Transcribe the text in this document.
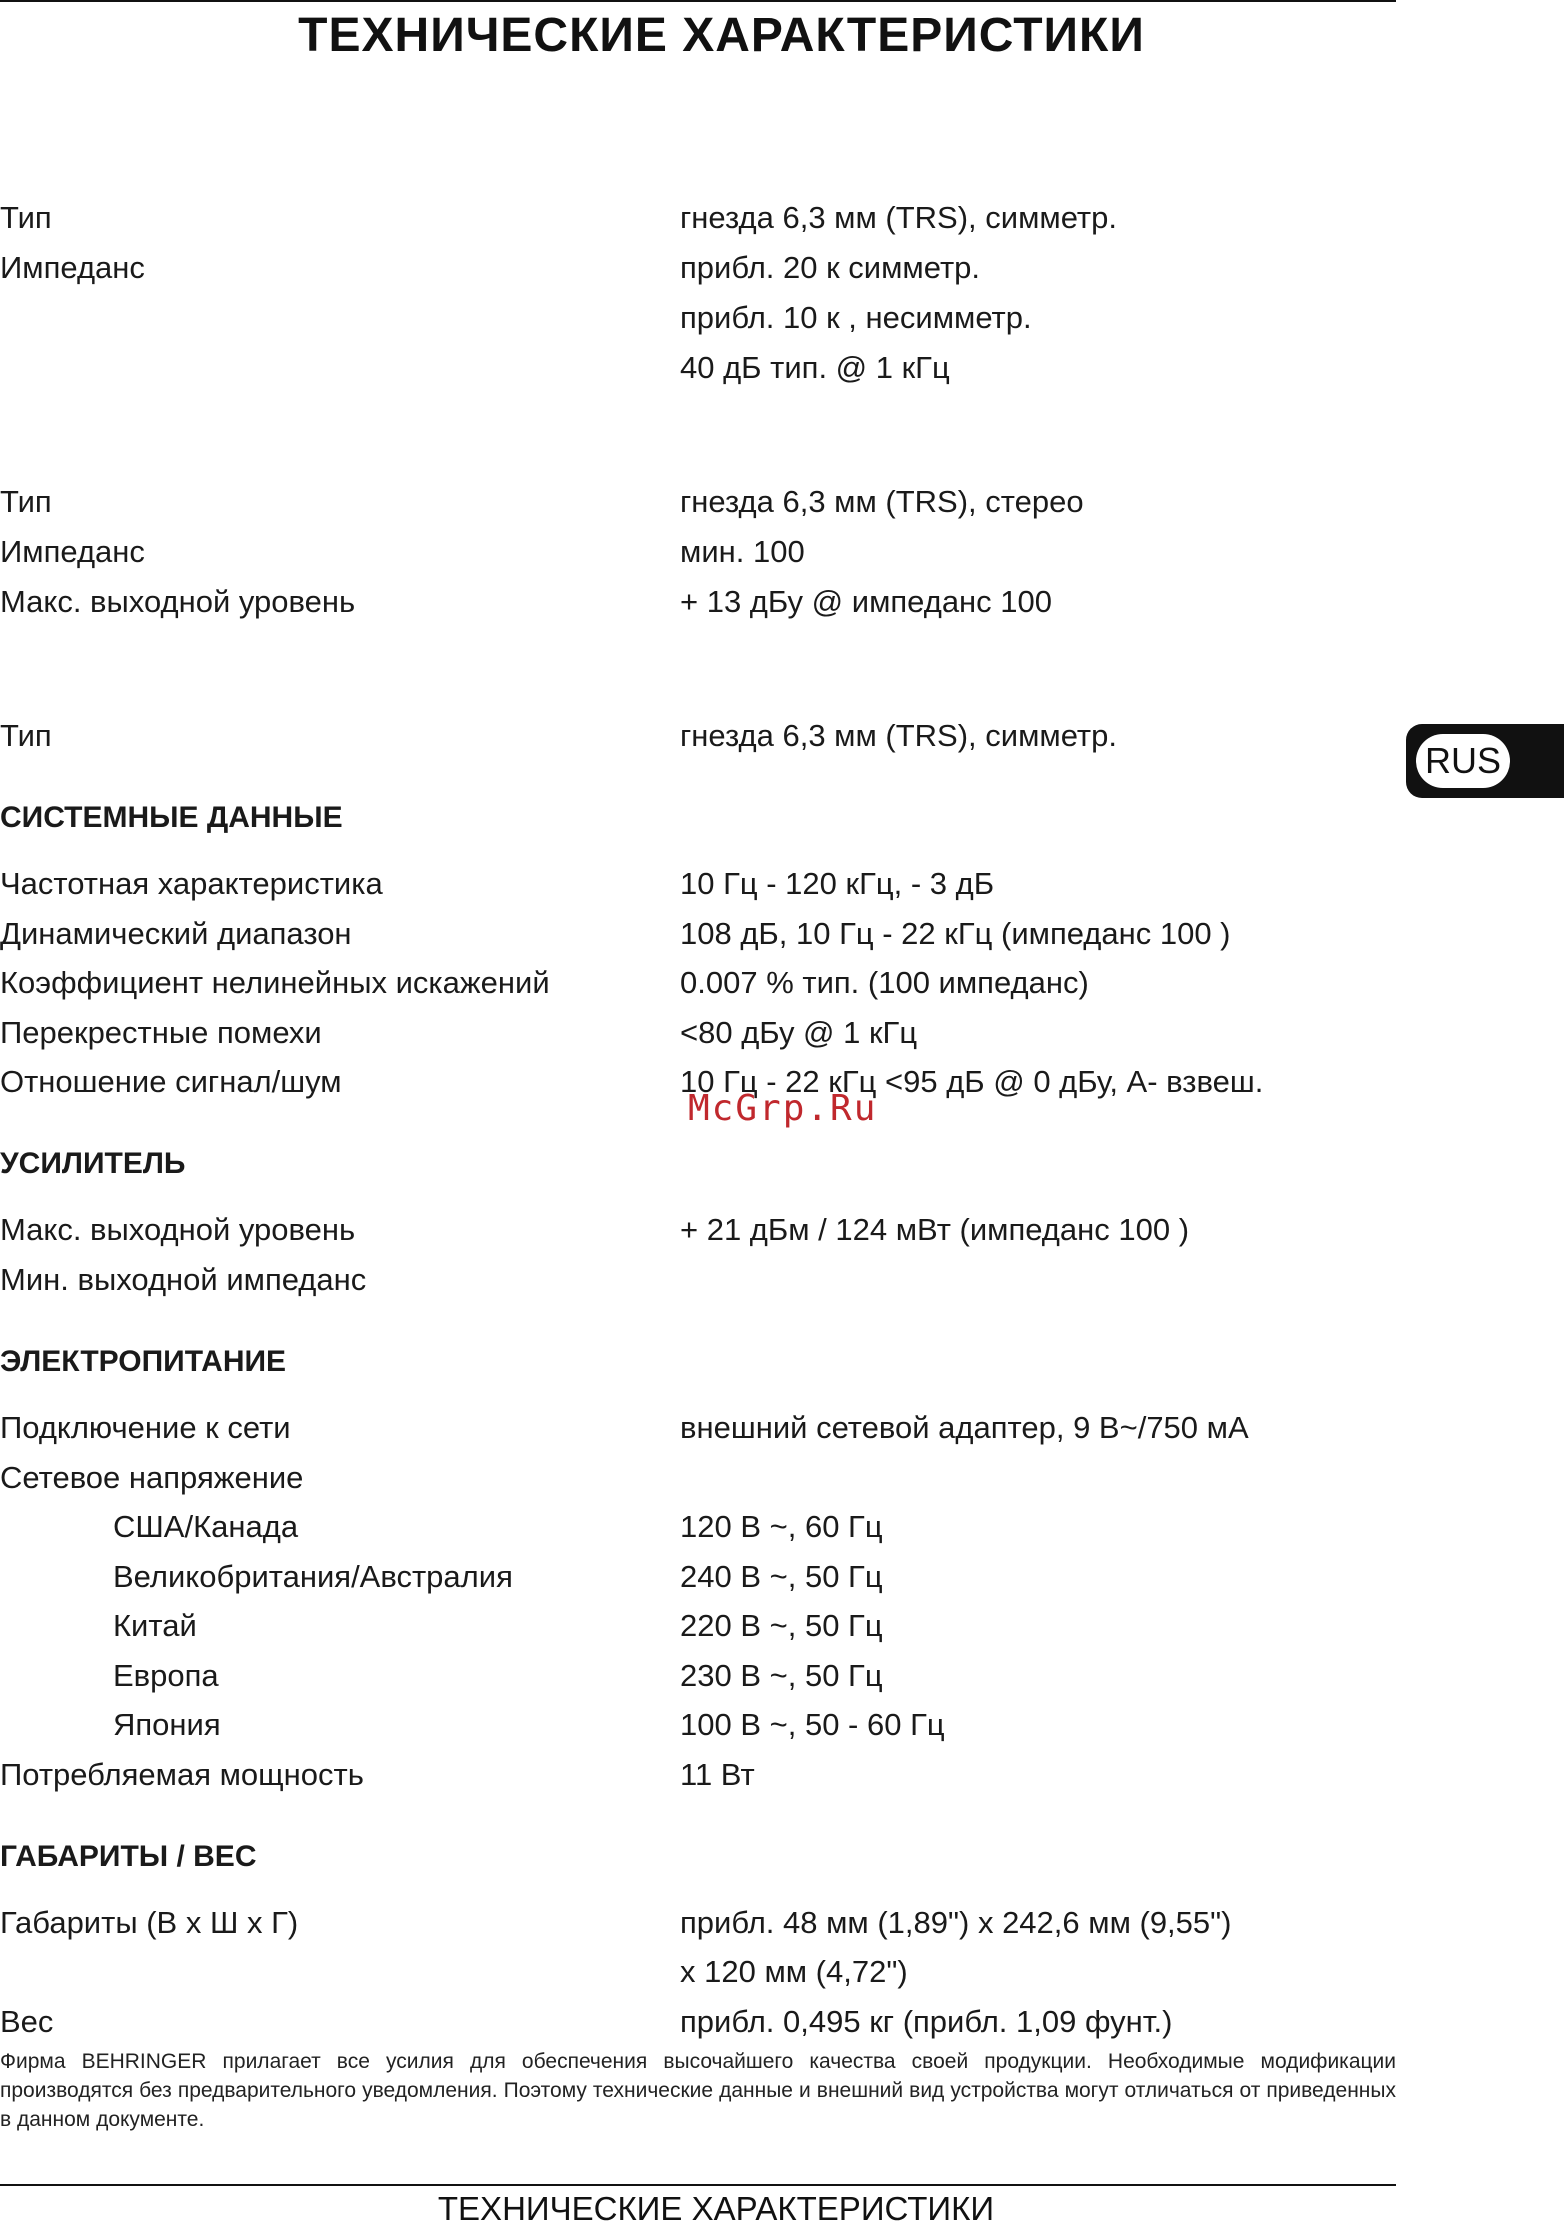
ТЕХНИЧЕСКИЕ ХАРАКТЕРИСТИКИ
Тип	гнезда 6,3 мм (TRS), симметр.
Импеданс	прибл. 20 к симметр.
прибл. 10 к , несимметр.
40 дБ тип. @ 1 кГц
Тип	гнезда 6,3 мм (TRS), стерео
Импеданс	мин. 100
Макс. выходной уровень	+ 13 дБу @ импеданс 100
Тип	гнезда 6,3 мм (TRS), симметр.
СИСТЕМНЫЕ ДАННЫЕ
Частотная характеристика	10 Гц - 120 кГц, - 3 дБ
Динамический диапазон	108 дБ, 10 Гц - 22 кГц (импеданс 100 )
Коэффициент нелинейных искажений	0.007 % тип. (100 импеданс)
Перекрестные помехи	<80 дБу @ 1 кГц
Отношение сигнал/шум	10 Гц - 22 кГц <95 дБ @ 0 дБу, A- взвеш.
McGrp.Ru
УСИЛИТЕЛЬ
Макс. выходной уровень	+ 21 дБм / 124 мВт (импеданс 100 )
Мин. выходной импеданс
ЭЛЕКТРОПИТАНИЕ
Подключение к сети	внешний сетевой адаптер, 9 В~/750 мА
Сетевое напряжение
США/Канада	120 В ~, 60 Гц
Великобритания/Австралия	240 В ~, 50 Гц
Китай	220 В ~, 50 Гц
Европа	230 В ~, 50 Гц
Япония	100 В ~, 50 - 60 Гц
Потребляемая мощность	11 Вт
ГАБАРИТЫ / ВЕС
Габариты (В х Ш х Г)	прибл. 48 мм (1,89") х 242,6 мм (9,55")
х 120 мм (4,72")
Вес	прибл. 0,495 кг (прибл. 1,09 фунт.)
Фирма BEHRINGER прилагает все усилия для обеспечения высочайшего качества своей продукции. Необходимые модификации производятся без предварительного уведомления. Поэтому технические данные и внешний вид устройства могут отличаться от приведенных в данном документе.
RUS
ТЕХНИЧЕСКИЕ ХАРАКТЕРИСТИКИ
